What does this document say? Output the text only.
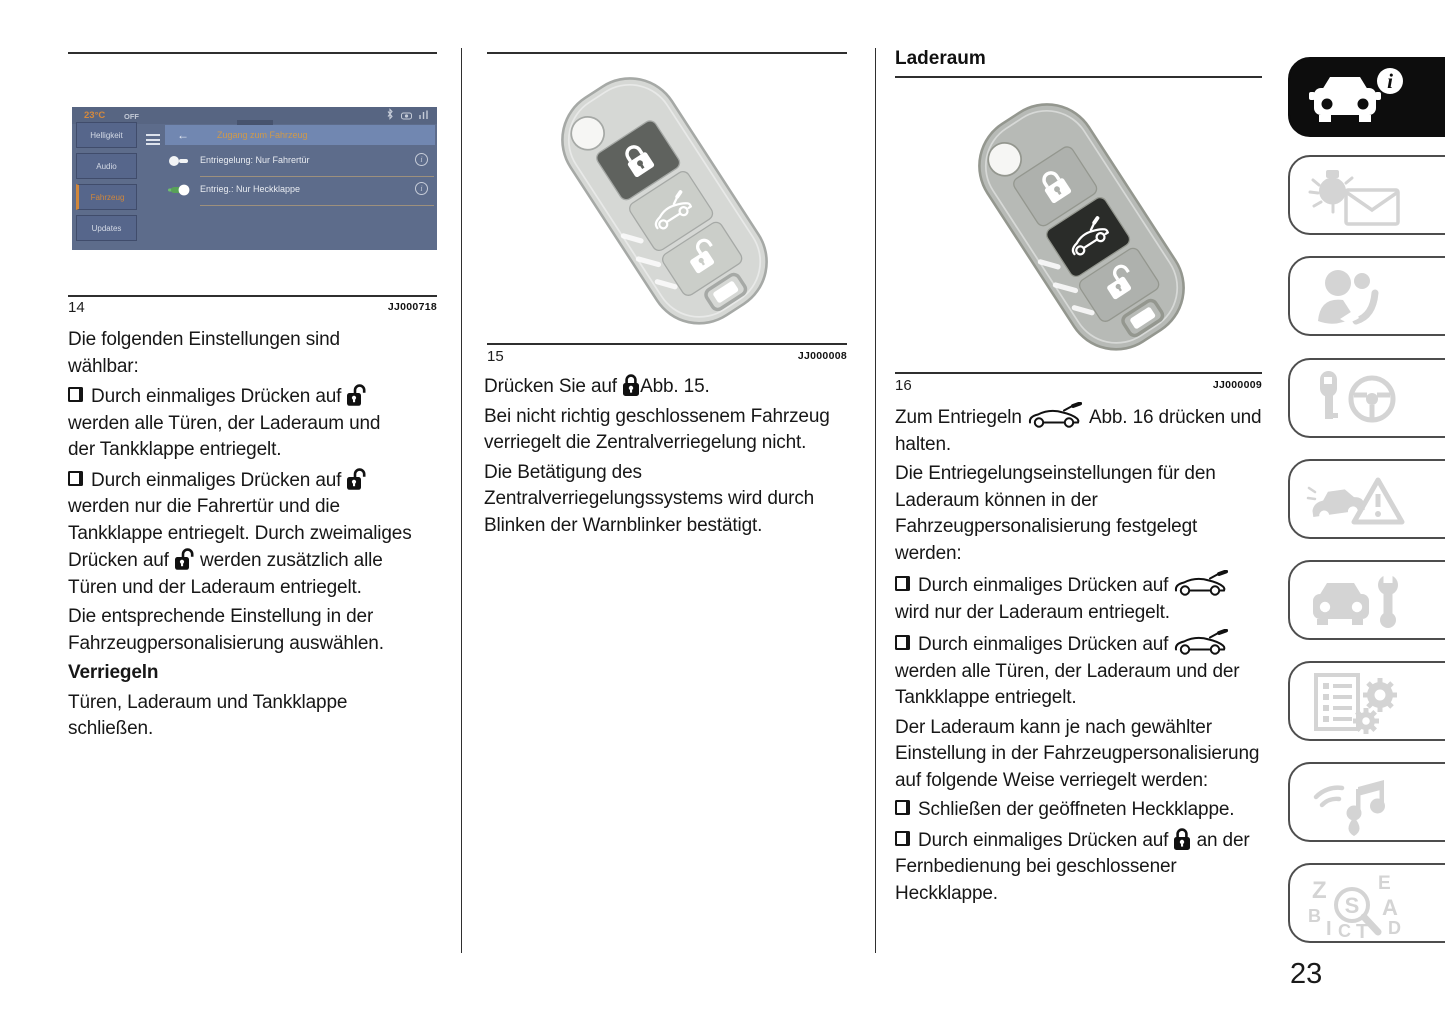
23°C	OFF
Helligkeit
Audio
Fahrzeug
Updates
←	Zugang zum Fahrzeug
Entriegelung: Nur Fahrertür	i
Entrieg.: Nur Heckklappe	i
14	JJ000718
Die folgenden Einstellungen sind wählbar:
Durch einmaliges Drücken auf  werden alle Türen, der Laderaum und der Tankklappe entriegelt.
Durch einmaliges Drücken auf  werden nur die Fahrertür und die Tankklappe entriegelt. Durch zweimaliges Drücken auf  werden zusätzlich alle Türen und der Laderaum entriegelt.
Die entsprechende Einstellung in der Fahrzeugpersonalisierung auswählen.
Verriegeln
Türen, Laderaum und Tankklappe schließen.
15	JJ000008
Drücken Sie auf Abb. 15.
Bei nicht richtig geschlossenem Fahrzeug verriegelt die Zentralverriegelung nicht.
Die Betätigung des Zentralverriegelungssystems wird durch Blinken der Warnblinker bestätigt.
Laderaum
16	JJ000009
Zum Entriegeln	Abb. 16 drücken und halten.
Die Entriegelungseinstellungen für den Laderaum können in der Fahrzeugpersonalisierung festgelegt werden:
Durch einmaliges Drücken auf  wird nur der Laderaum entriegelt.
Durch einmaliges Drücken auf  werden alle Türen, der Laderaum und der Tankklappe entriegelt.
Der Laderaum kann je nach gewählter Einstellung in der Fahrzeugpersonalisierung auf folgende Weise verriegelt werden:
Schließen der geöffneten Heckklappe.
Durch einmaliges Drücken auf  an der Fernbedienung bei geschlossener Heckklappe.
i
Z	E
B	A
I C T D
S
23
